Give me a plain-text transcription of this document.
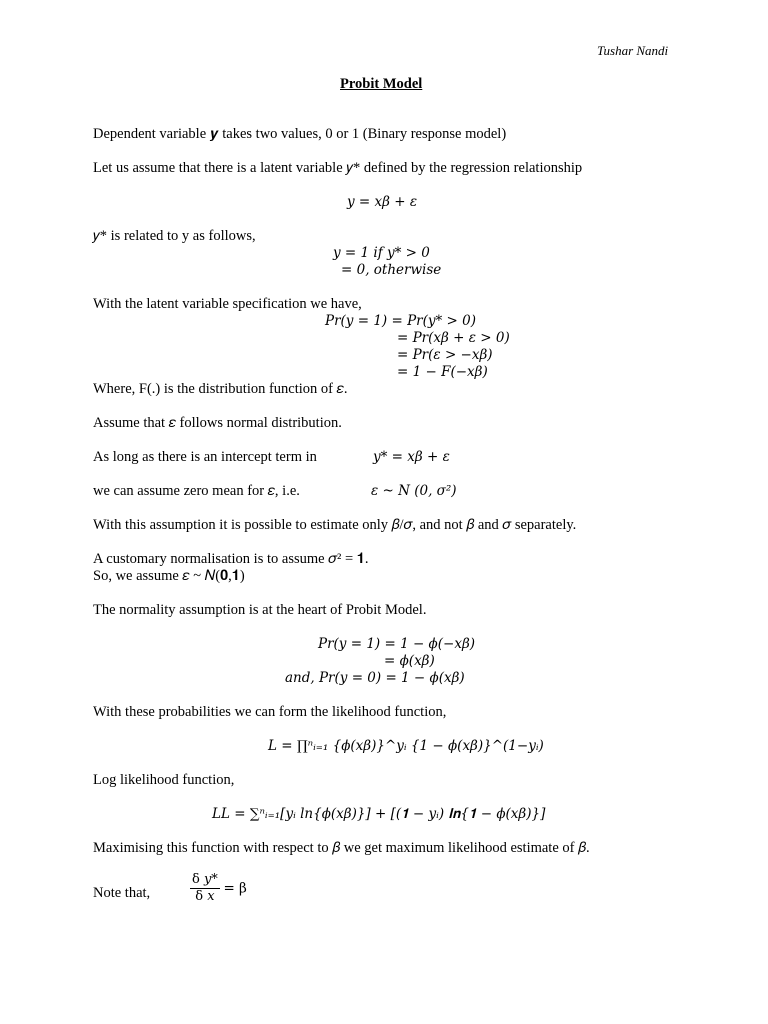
Tushar Nandi
Probit Model
Dependent variable 𝒚 takes two values, 0 or 1 (Binary response model)
Let us assume that there is a latent variable 𝑦* defined by the regression relationship
𝑦 = 𝑥𝛽 + 𝜀
𝑦* is related to y as follows,
𝑦 = 1 𝑖𝑓 𝑦* > 0
= 0, 𝑜𝑡ℎ𝑒𝑟𝑤𝑖𝑠𝑒
With the latent variable specification we have,
Pr(𝑦 = 1) = Pr(𝑦* > 0)
= Pr(𝑥𝛽 + 𝜀 > 0)
= Pr(𝜀 > −𝑥𝛽)
= 1 − 𝐹(−𝑥𝛽)
Where, F(.) is the distribution function of 𝜀.
Assume that 𝜀 follows normal distribution.
As long as there is an intercept term in	𝑦* = 𝑥𝛽 + 𝜀
we can assume zero mean for 𝜀, i.e.	𝜀 ~ 𝑁 (0, 𝜎²)
With this assumption it is possible to estimate only 𝛽/𝜎, and not 𝛽 and 𝜎 separately.
A customary normalisation is to assume 𝜎² = 𝟏.
So, we assume 𝜀 ~ 𝑁(𝟎,𝟏)
The normality assumption is at the heart of Probit Model.
Pr(𝑦 = 1) = 1 − ϕ(−xβ)
= ϕ(xβ)
𝑎𝑛𝑑, Pr(𝑦 = 0) = 1 − ϕ(xβ)
With these probabilities we can form the likelihood function,
L = ∏ⁿᵢ₌₁ {ϕ(𝑥β)}^𝑦ᵢ {1 − ϕ(𝑥β)}^(1−𝑦ᵢ)
Log likelihood function,
LL = ∑ⁿᵢ₌₁[𝑦ᵢ ln{ϕ(𝑥β)}] + [(𝟏 − 𝑦ᵢ) 𝐥𝐧{𝟏 − ϕ(𝑥β)}]
Maximising this function with respect to 𝛽 we get maximum likelihood estimate of 𝛽.
Note that,	$\frac{\text{δ 𝑦*}}{\text{δ 𝑥}} = \beta$
